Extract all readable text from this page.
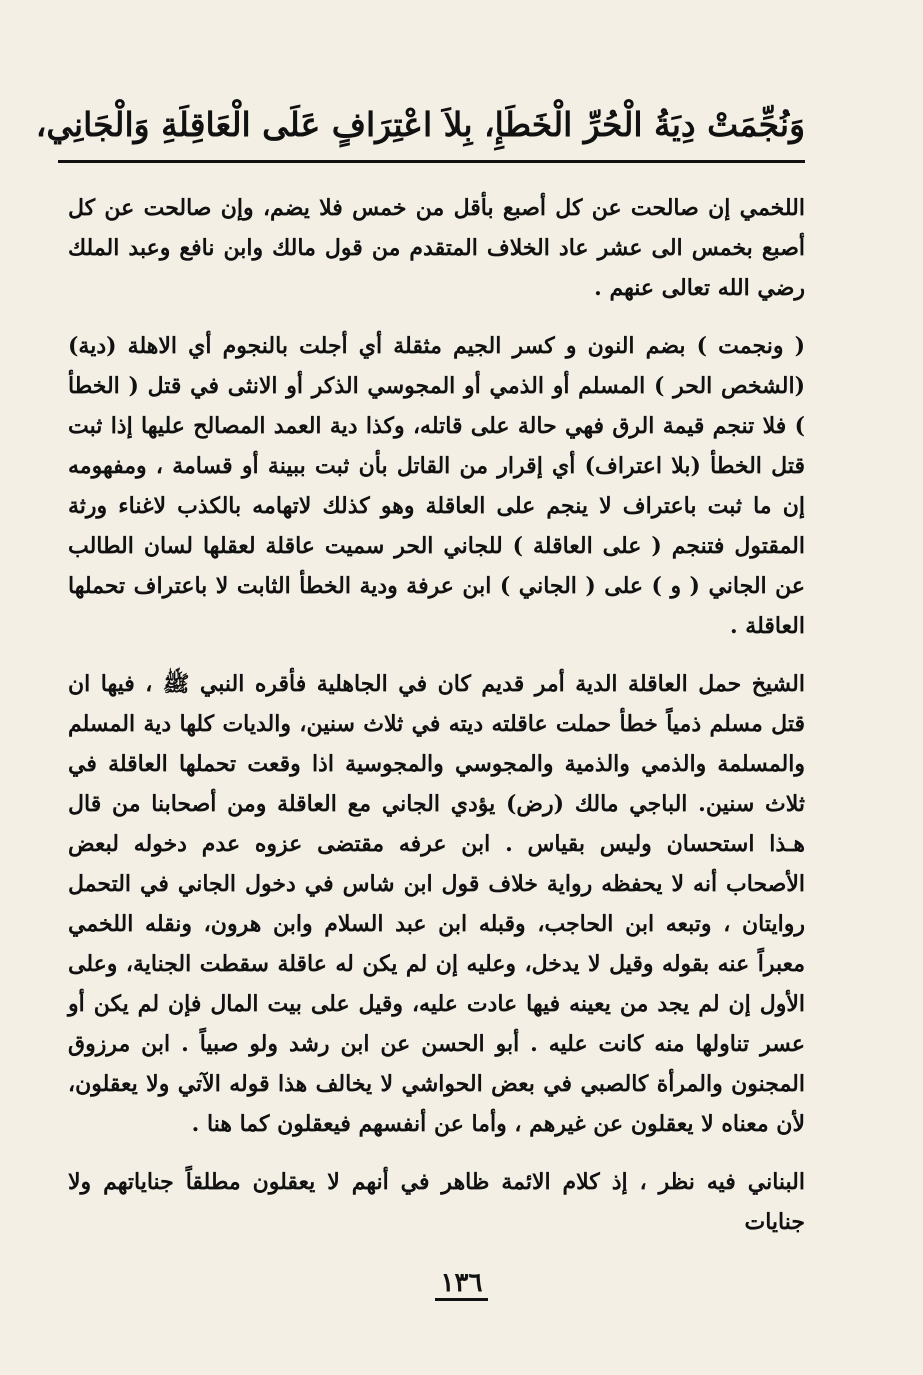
وَنُجِّمَتْ دِيَةُ الْحُرِّ الْخَطَإِ، بِلاَ اعْتِرَافٍ عَلَى الْعَاقِلَةِ وَالْجَانِي،

اللخمي إن صالحت عن كل أصبع بأقل من خمس فلا يضم، وإن صالحت عن كل أصبع بخمس الى عشر عاد الخلاف المتقدم من قول مالك وابن نافع وعبد الملك رضي الله تعالى عنهم .

( ونجمت ) بضم النون و كسر الجيم مثقلة أي أجلت بالنجوم أي الاهلة (دية) (الشخص الحر ) المسلم أو الذمي أو المجوسي الذكر أو الانثى في قتل ( الخطأ ) فلا تنجم قيمة الرق فهي حالة على قاتله، وكذا دية العمد المصالح عليها إذا ثبت قتل الخطأ (بلا اعتراف) أي إقرار من القاتل بأن ثبت ببينة أو قسامة ، ومفهومه إن ما ثبت باعتراف لا ينجم على العاقلة وهو كذلك لاتهامه بالكذب لاغناء ورثة المقتول فتنجم ( على العاقلة ) للجاني الحر سميت عاقلة لعقلها لسان الطالب عن الجاني ( و ) على ( الجاني ) ابن عرفة ودية الخطأ الثابت لا باعتراف تحملها العاقلة .

الشيخ حمل العاقلة الدية أمر قديم كان في الجاهلية فأقره النبي ﷺ ، فيها ان قتل مسلم ذمياً خطأ حملت عاقلته ديته في ثلاث سنين، والديات كلها دية المسلم والمسلمة والذمي والذمية والمجوسي والمجوسية اذا وقعت تحملها العاقلة في ثلاث سنين. الباجي مالك (رض) يؤدي الجاني مع العاقلة ومن أصحابنا من قال هـذا استحسان وليس بقياس . ابن عرفه مقتضى عزوه عدم دخوله لبعض الأصحاب أنه لا يحفظه رواية خلاف قول ابن شاس في دخول الجاني في التحمل روايتان ، وتبعه ابن الحاجب، وقبله ابن عبد السلام وابن هرون، ونقله اللخمي معبراً عنه بقوله وقيل لا يدخل، وعليه إن لم يكن له عاقلة سقطت الجناية، وعلى الأول إن لم يجد من يعينه فيها عادت عليه، وقيل على بيت المال فإن لم يكن أو عسر تناولها منه كانت عليه . أبو الحسن عن ابن رشد ولو صبياً . ابن مرزوق المجنون والمرأة كالصبي في بعض الحواشي لا يخالف هذا قوله الآتي ولا يعقلون، لأن معناه لا يعقلون عن غيرهم ، وأما عن أنفسهم فيعقلون كما هنا .

البناني فيه نظر ، إذ كلام الائمة ظاهر في أنهم لا يعقلون مطلقاً جناياتهم ولا جنايات

١٣٦
